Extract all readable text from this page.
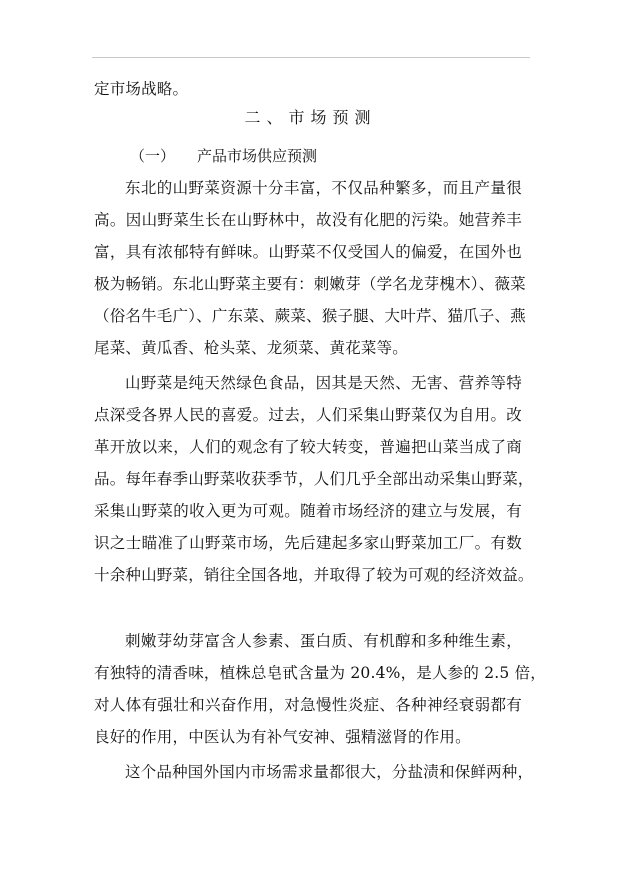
定市场战略。
二、市场预测
（一） 产品市场供应预测
东北的山野菜资源十分丰富，不仅品种繁多，而且产量很
高。因山野菜生长在山野林中，故没有化肥的污染。她营养丰
富，具有浓郁特有鲜味。山野菜不仅受国人的偏爱，在国外也
极为畅销。东北山野菜主要有：刺嫩芽（学名龙芽槐木）、薇菜
（俗名牛毛广）、广东菜、蕨菜、猴子腿、大叶芹、猫爪子、燕
尾菜、黄瓜香、枪头菜、龙须菜、黄花菜等。
山野菜是纯天然绿色食品，因其是天然、无害、营养等特
点深受各界人民的喜爱。过去，人们采集山野菜仅为自用。改
革开放以来，人们的观念有了较大转变，普遍把山菜当成了商
品。每年春季山野菜收获季节，人们几乎全部出动采集山野菜，
采集山野菜的收入更为可观。随着市场经济的建立与发展，有
识之士瞄准了山野菜市场，先后建起多家山野菜加工厂。有数
十余种山野菜，销往全国各地，并取得了较为可观的经济效益。
刺嫩芽幼芽富含人参素、蛋白质、有机醇和多种维生素，
有独特的清香味，植株总皂甙含量为 20.4%，是人参的 2.5 倍，
对人体有强壮和兴奋作用，对急慢性炎症、各种神经衰弱都有
良好的作用，中医认为有补气安神、强精滋肾的作用。
这个品种国外国内市场需求量都很大，分盐渍和保鲜两种，
